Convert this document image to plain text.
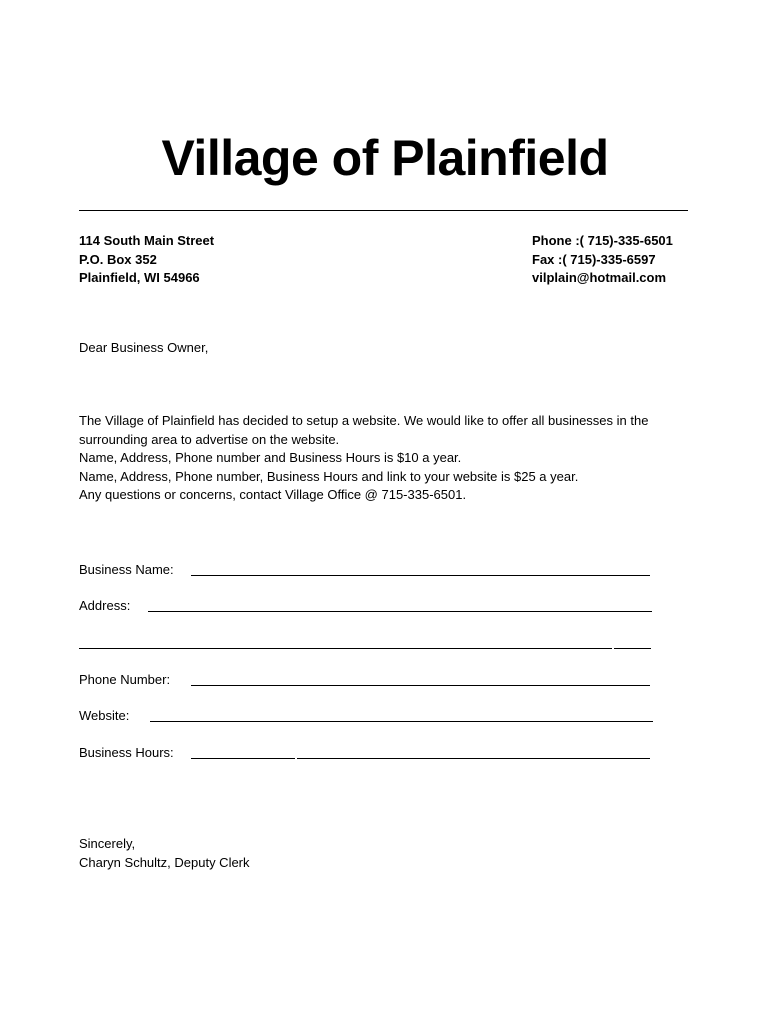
Village of Plainfield
114 South Main Street
P.O. Box 352
Plainfield, WI 54966
Phone :( 715)-335-6501
Fax :( 715)-335-6597
vilplain@hotmail.com
Dear Business Owner,
The Village of Plainfield has decided to setup a website. We would like to offer all businesses in the
surrounding area to advertise on the website.
Name, Address, Phone number and Business Hours is $10 a year.
Name, Address, Phone number, Business Hours and link to your website is $25 a year.
Any questions or concerns, contact Village Office @ 715-335-6501.
Business Name:
Address:
Phone Number:
Website:
Business Hours:
Sincerely,
Charyn Schultz, Deputy Clerk
